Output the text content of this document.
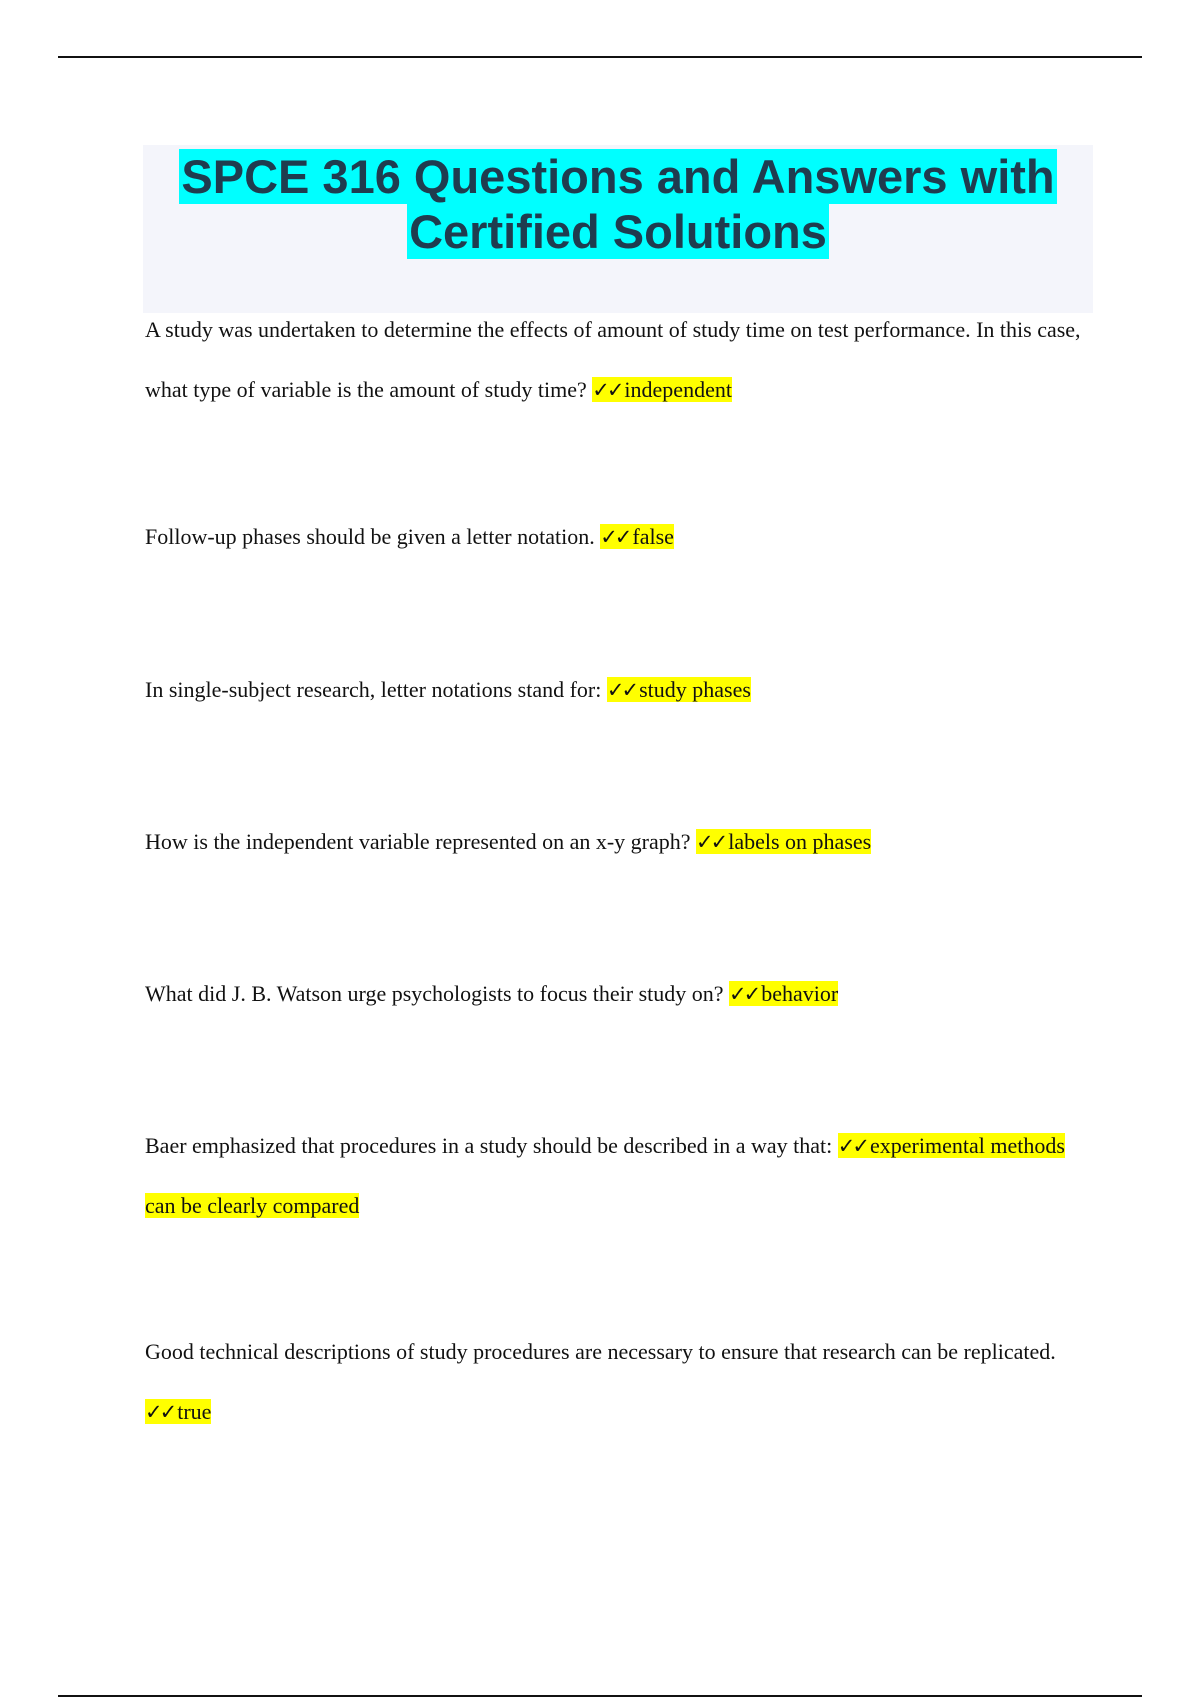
SPCE 316 Questions and Answers with
Certified Solutions
A study was undertaken to determine the effects of amount of study time on test performance. In this case, what type of variable is the amount of study time? ✓✓ independent
Follow-up phases should be given a letter notation. ✓✓ false
In single-subject research, letter notations stand for: ✓✓ study phases
How is the independent variable represented on an x-y graph? ✓✓ labels on phases
What did J. B. Watson urge psychologists to focus their study on? ✓✓ behavior
Baer emphasized that procedures in a study should be described in a way that: ✓✓ experimental methods can be clearly compared
Good technical descriptions of study procedures are necessary to ensure that research can be replicated. ✓✓ true
